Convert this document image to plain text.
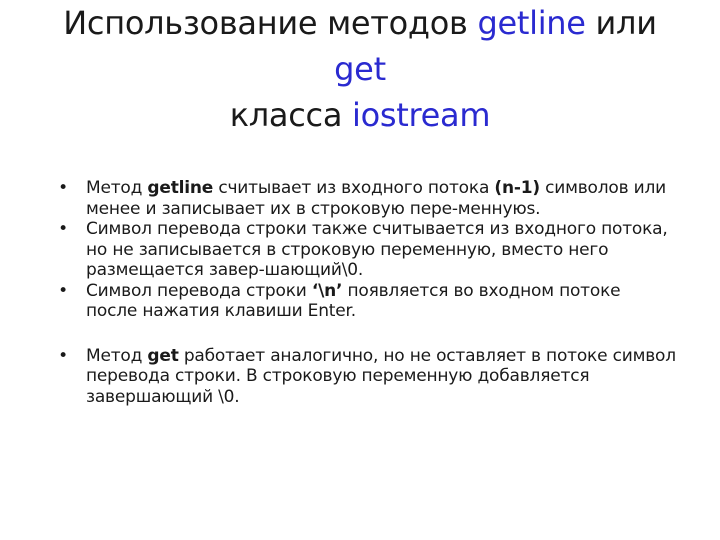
Использование методов getline или
get
класса iostream
• Метод getline считывает из входного потока (n-1) символов или менее и записывает их в строковую пере-меннуюs.
• Символ перевода строки также считывается из входного потока, но не записывается в строковую переменную, вместо него размещается завер-шающий\0.
• Символ перевода строки ‘\n’ появляется во входном потоке после нажатия клавиши Enter.
• Метод get работает аналогично, но не оставляет в потоке символ перевода строки. В строковую переменную добавляется завершающий \0.
